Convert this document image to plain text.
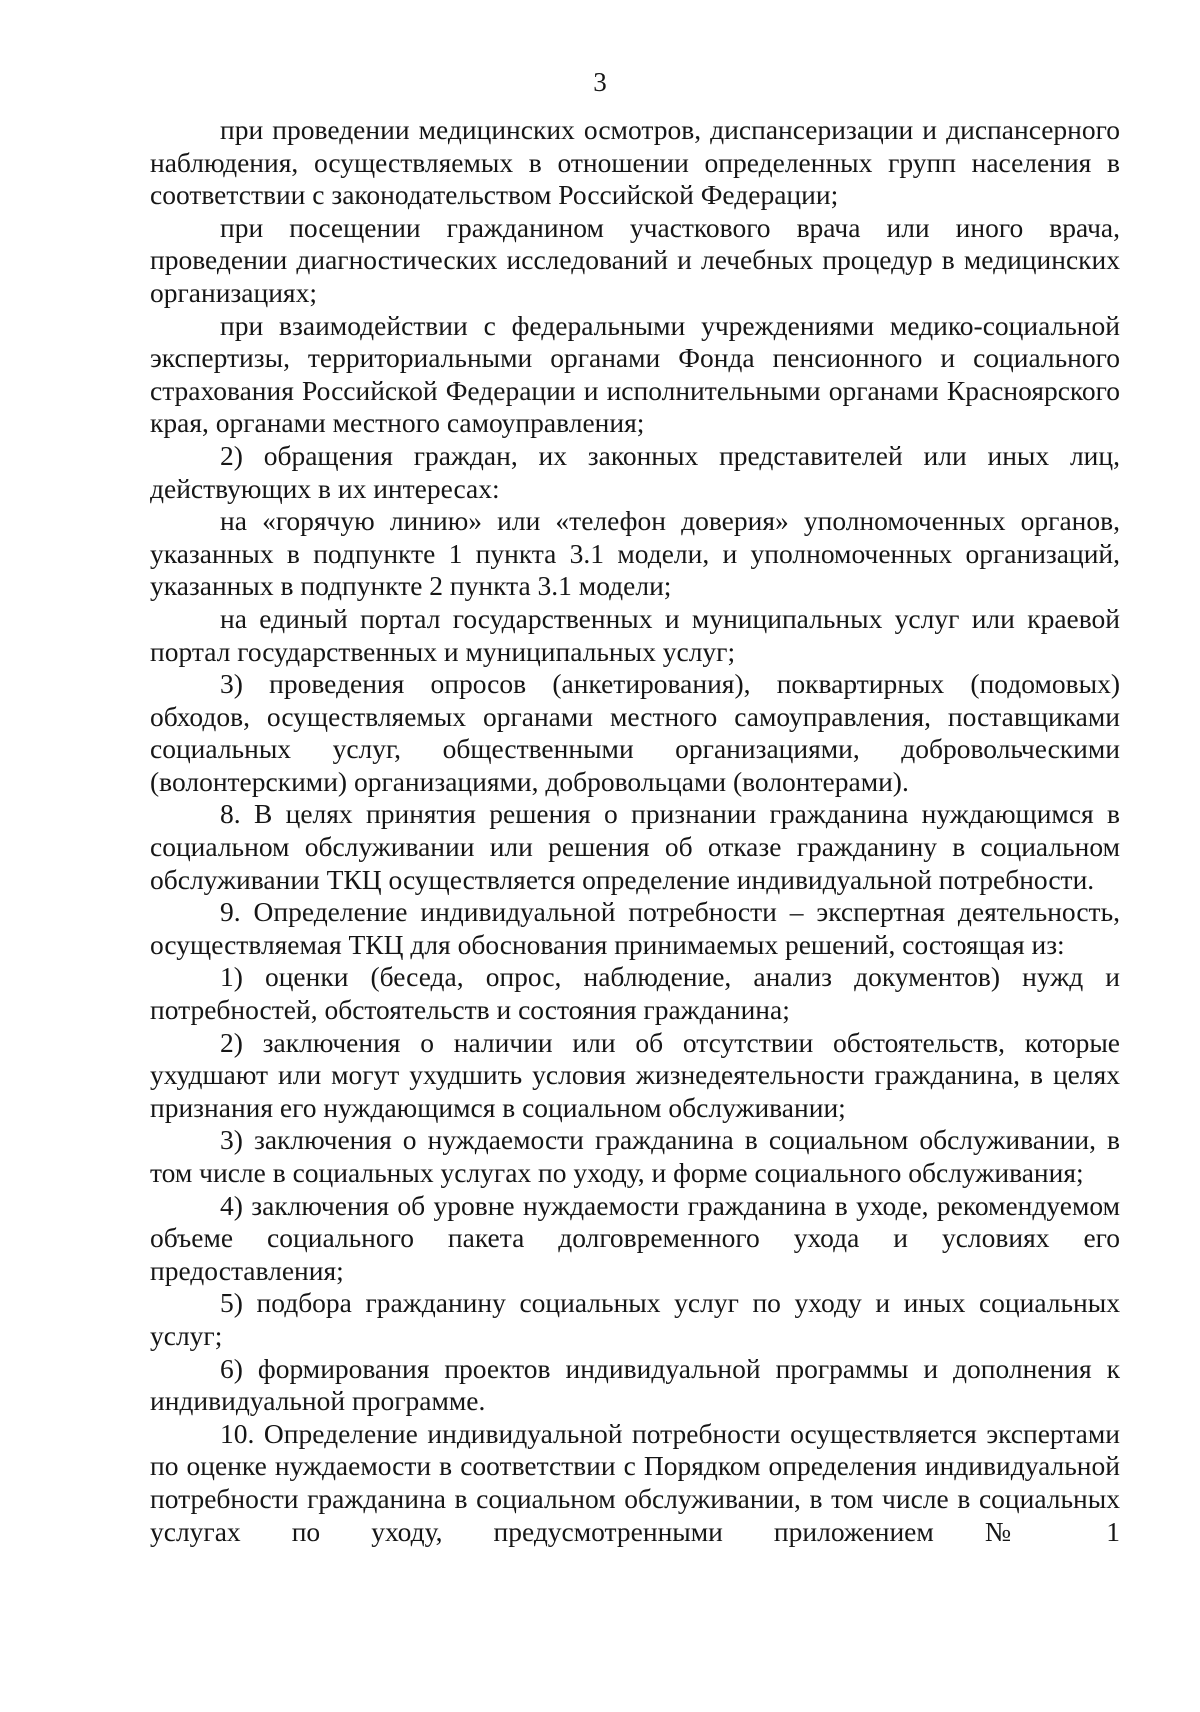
3

при проведении медицинских осмотров, диспансеризации и диспансерного наблюдения, осуществляемых в отношении определенных групп населения в соответствии с законодательством Российской Федерации;

при посещении гражданином участкового врача или иного врача, проведении диагностических исследований и лечебных процедур в медицинских организациях;

при взаимодействии с федеральными учреждениями медико-социальной экспертизы, территориальными органами Фонда пенсионного и социального страхования Российской Федерации и исполнительными органами Красноярского края, органами местного самоуправления;

2) обращения граждан, их законных представителей или иных лиц, действующих в их интересах:

на «горячую линию» или «телефон доверия» уполномоченных органов, указанных в подпункте 1 пункта 3.1 модели, и уполномоченных организаций, указанных в подпункте 2 пункта 3.1 модели;

на единый портал государственных и муниципальных услуг или краевой портал государственных и муниципальных услуг;

3) проведения опросов (анкетирования), поквартирных (подомовых) обходов, осуществляемых органами местного самоуправления, поставщиками социальных услуг, общественными организациями, добровольческими (волонтерскими) организациями, добровольцами (волонтерами).

8. В целях принятия решения о признании гражданина нуждающимся в социальном обслуживании или решения об отказе гражданину в социальном обслуживании ТКЦ осуществляется определение индивидуальной потребности.

9. Определение индивидуальной потребности – экспертная деятельность, осуществляемая ТКЦ для обоснования принимаемых решений, состоящая из:

1) оценки (беседа, опрос, наблюдение, анализ документов) нужд и потребностей, обстоятельств и состояния гражданина;

2) заключения о наличии или об отсутствии обстоятельств, которые ухудшают или могут ухудшить условия жизнедеятельности гражданина, в целях признания его нуждающимся в социальном обслуживании;

3) заключения о нуждаемости гражданина в социальном обслуживании, в том числе в социальных услугах по уходу, и форме социального обслуживания;

4) заключения об уровне нуждаемости гражданина в уходе, рекомендуемом объеме социального пакета долговременного ухода и условиях его предоставления;

5) подбора гражданину социальных услуг по уходу и иных социальных услуг;

6) формирования проектов индивидуальной программы и дополнения к индивидуальной программе.

10. Определение индивидуальной потребности осуществляется экспертами по оценке нуждаемости в соответствии с Порядком определения индивидуальной потребности гражданина в социальном обслуживании, в том числе в социальных услугах по уходу, предусмотренными приложением № 1
